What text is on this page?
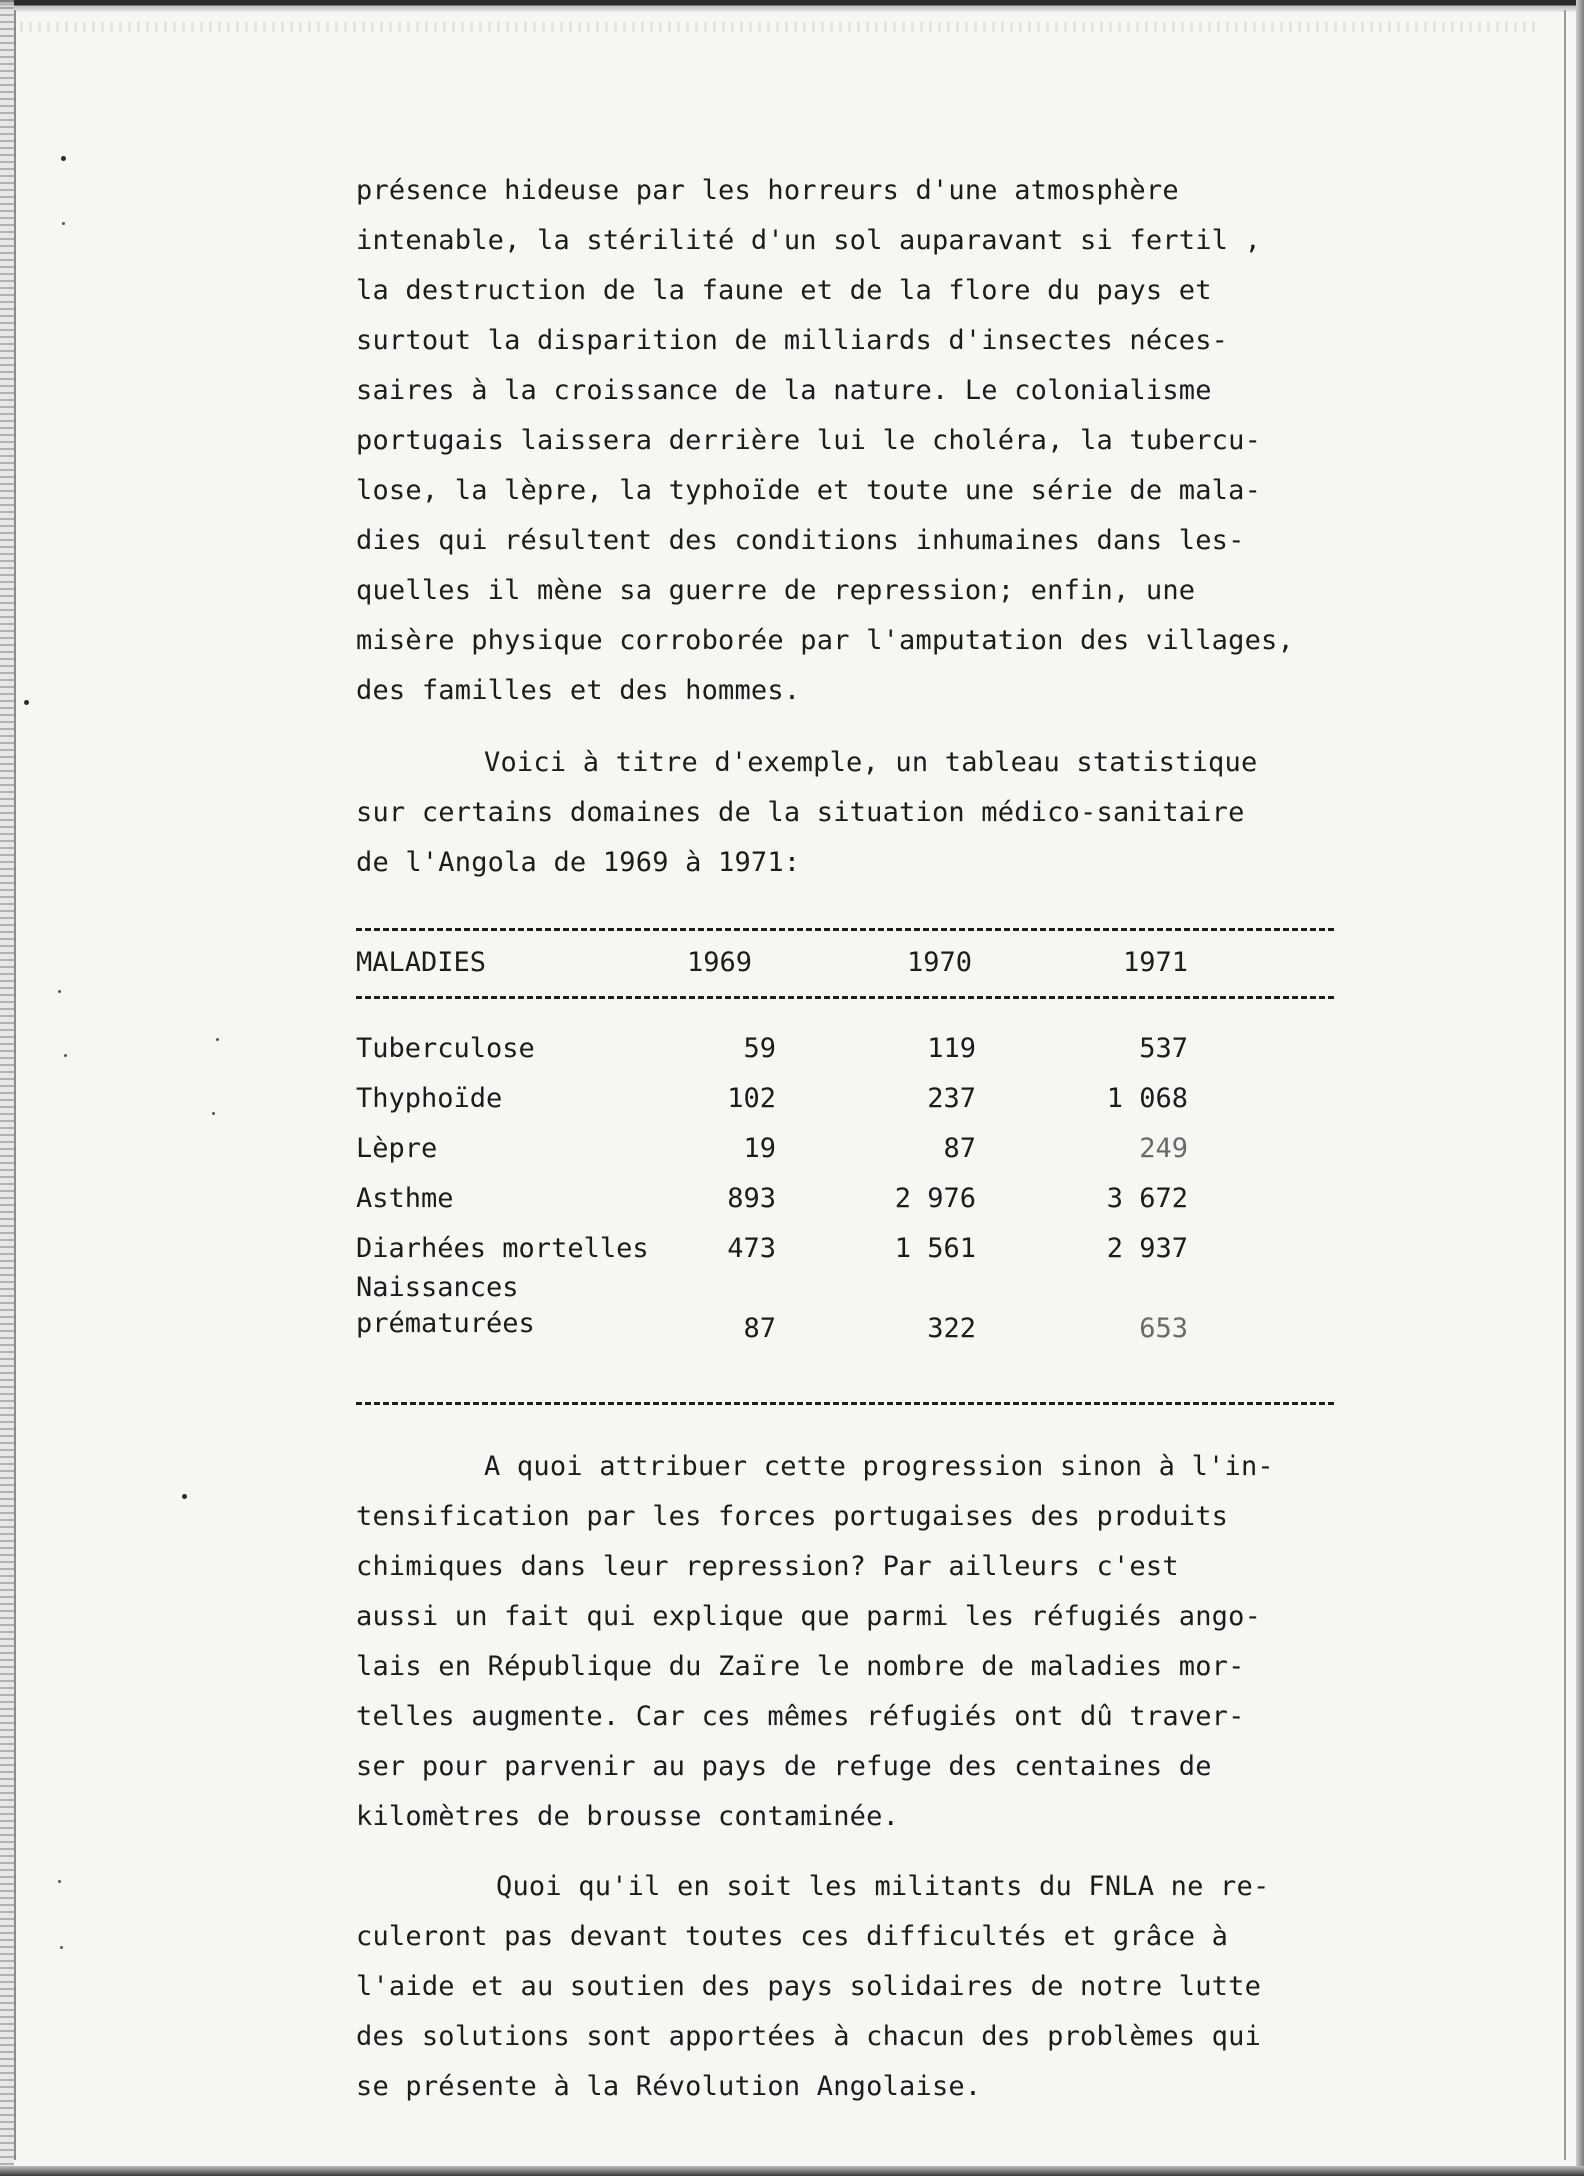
présence hideuse par les horreurs d'une atmosphère
intenable, la stérilité d'un sol auparavant si fertil ,
la destruction de la faune et de la flore du pays et
surtout la disparition de milliards d'insectes néces-
saires à la croissance de la nature. Le colonialisme
portugais laissera derrière lui le choléra, la tubercu-
lose, la lèpre, la typhoïde et toute une série de mala-
dies qui résultent des conditions inhumaines dans les-
quelles il mène sa guerre de repression; enfin, une
misère physique corroborée par l'amputation des villages,
des familles et des hommes.
Voici à titre d'exemple, un tableau statistique
sur certains domaines de la situation médico-sanitaire
de l'Angola de 1969 à 1971:
MALADIES	1969	1970	1971
Tuberculose	59	119	537
Thyphoïde	102	237	1 068
Lèpre	19	87	249
Asthme	893	2 976	3 672
Diarhées mortelles	473	1 561	2 937
Naissances prématurées	87	322	653
A quoi attribuer cette progression sinon à l'in-
tensification par les forces portugaises des produits
chimiques dans leur repression? Par ailleurs c'est
aussi un fait qui explique que parmi les réfugiés ango-
lais en République du Zaïre le nombre de maladies mor-
telles augmente. Car ces mêmes réfugiés ont dû traver-
ser pour parvenir au pays de refuge des centaines de
kilomètres de brousse contaminée.
Quoi qu'il en soit les militants du FNLA ne re-
culeront pas devant toutes ces difficultés et grâce à
l'aide et au soutien des pays solidaires de notre lutte
des solutions sont apportées à chacun des problèmes qui
se présente à la Révolution Angolaise.
